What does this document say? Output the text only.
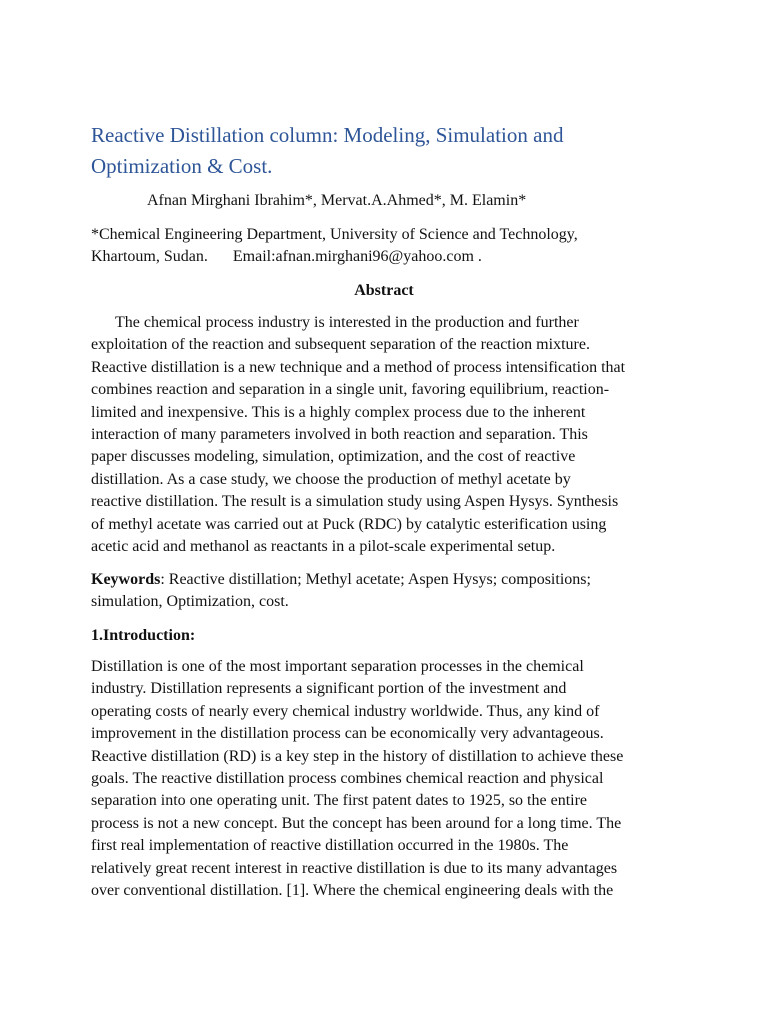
Reactive Distillation column: Modeling, Simulation and
Optimization & Cost.

Afnan Mirghani Ibrahim*, Mervat.A.Ahmed*, M. Elamin*

*Chemical Engineering Department, University of Science and Technology,
Khartoum, Sudan. Email:afnan.mirghani96@yahoo.com .

Abstract

The chemical process industry is interested in the production and further
exploitation of the reaction and subsequent separation of the reaction mixture.
Reactive distillation is a new technique and a method of process intensification that
combines reaction and separation in a single unit, favoring equilibrium, reaction-
limited and inexpensive. This is a highly complex process due to the inherent
interaction of many parameters involved in both reaction and separation. This
paper discusses modeling, simulation, optimization, and the cost of reactive
distillation. As a case study, we choose the production of methyl acetate by
reactive distillation. The result is a simulation study using Aspen Hysys. Synthesis
of methyl acetate was carried out at Puck (RDC) by catalytic esterification using
acetic acid and methanol as reactants in a pilot-scale experimental setup.

Keywords: Reactive distillation; Methyl acetate; Aspen Hysys; compositions;
simulation, Optimization, cost.

1.Introduction:

Distillation is one of the most important separation processes in the chemical
industry. Distillation represents a significant portion of the investment and
operating costs of nearly every chemical industry worldwide. Thus, any kind of
improvement in the distillation process can be economically very advantageous.
Reactive distillation (RD) is a key step in the history of distillation to achieve these
goals. The reactive distillation process combines chemical reaction and physical
separation into one operating unit. The first patent dates to 1925, so the entire
process is not a new concept. But the concept has been around for a long time. The
first real implementation of reactive distillation occurred in the 1980s. The
relatively great recent interest in reactive distillation is due to its many advantages
over conventional distillation. [1]. Where the chemical engineering deals with the
